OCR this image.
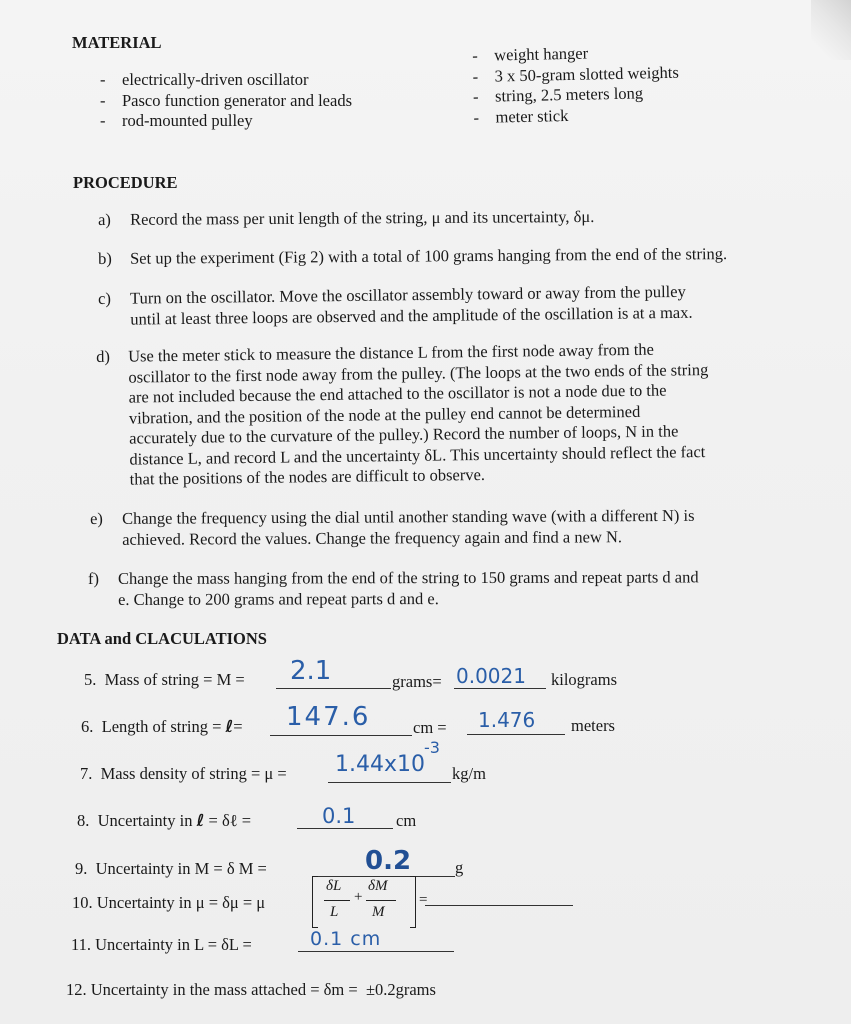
MATERIAL
- electrically-driven oscillator
- Pasco function generator and leads
- rod-mounted pulley
- weight hanger
- 3 x 50-gram slotted weights
- string, 2.5 meters long
- meter stick
PROCEDURE
a) Record the mass per unit length of the string, μ and its uncertainty, δμ.
b) Set up the experiment (Fig 2) with a total of 100 grams hanging from the end of the string.
c) Turn on the oscillator. Move the oscillator assembly toward or away from the pulley
until at least three loops are observed and the amplitude of the oscillation is at a max.
d) Use the meter stick to measure the distance L from the first node away from the
oscillator to the first node away from the pulley. (The loops at the two ends of the string
are not included because the end attached to the oscillator is not a node due to the
vibration, and the position of the node at the pulley end cannot be determined
accurately due to the curvature of the pulley.) Record the number of loops, N in the
distance L, and record L and the uncertainty δL. This uncertainty should reflect the fact
that the positions of the nodes are difficult to observe.
e) Change the frequency using the dial until another standing wave (with a different N) is
achieved. Record the values. Change the frequency again and find a new N.
f) Change the mass hanging from the end of the string to 150 grams and repeat parts d and
e. Change to 200 grams and repeat parts d and e.
DATA and CLACULATIONS
5. Mass of string = M = 2.1	grams= 0.0021 kilograms
6. Length of string = ℓ= 147.6	cm = 1.476 meters
7. Mass density of string = μ = 1.44x10
-3
kg/m
8. Uncertainty in ℓ = δℓ =	0.1 cm
9. Uncertainty in M = δ M =	0.2	g
10. Uncertainty in μ = δμ = μ
δL
L
+
δM
M
=
11. Uncertainty in L = δL =	0.1 cm
12. Uncertainty in the mass attached = δm = ±0.2grams
